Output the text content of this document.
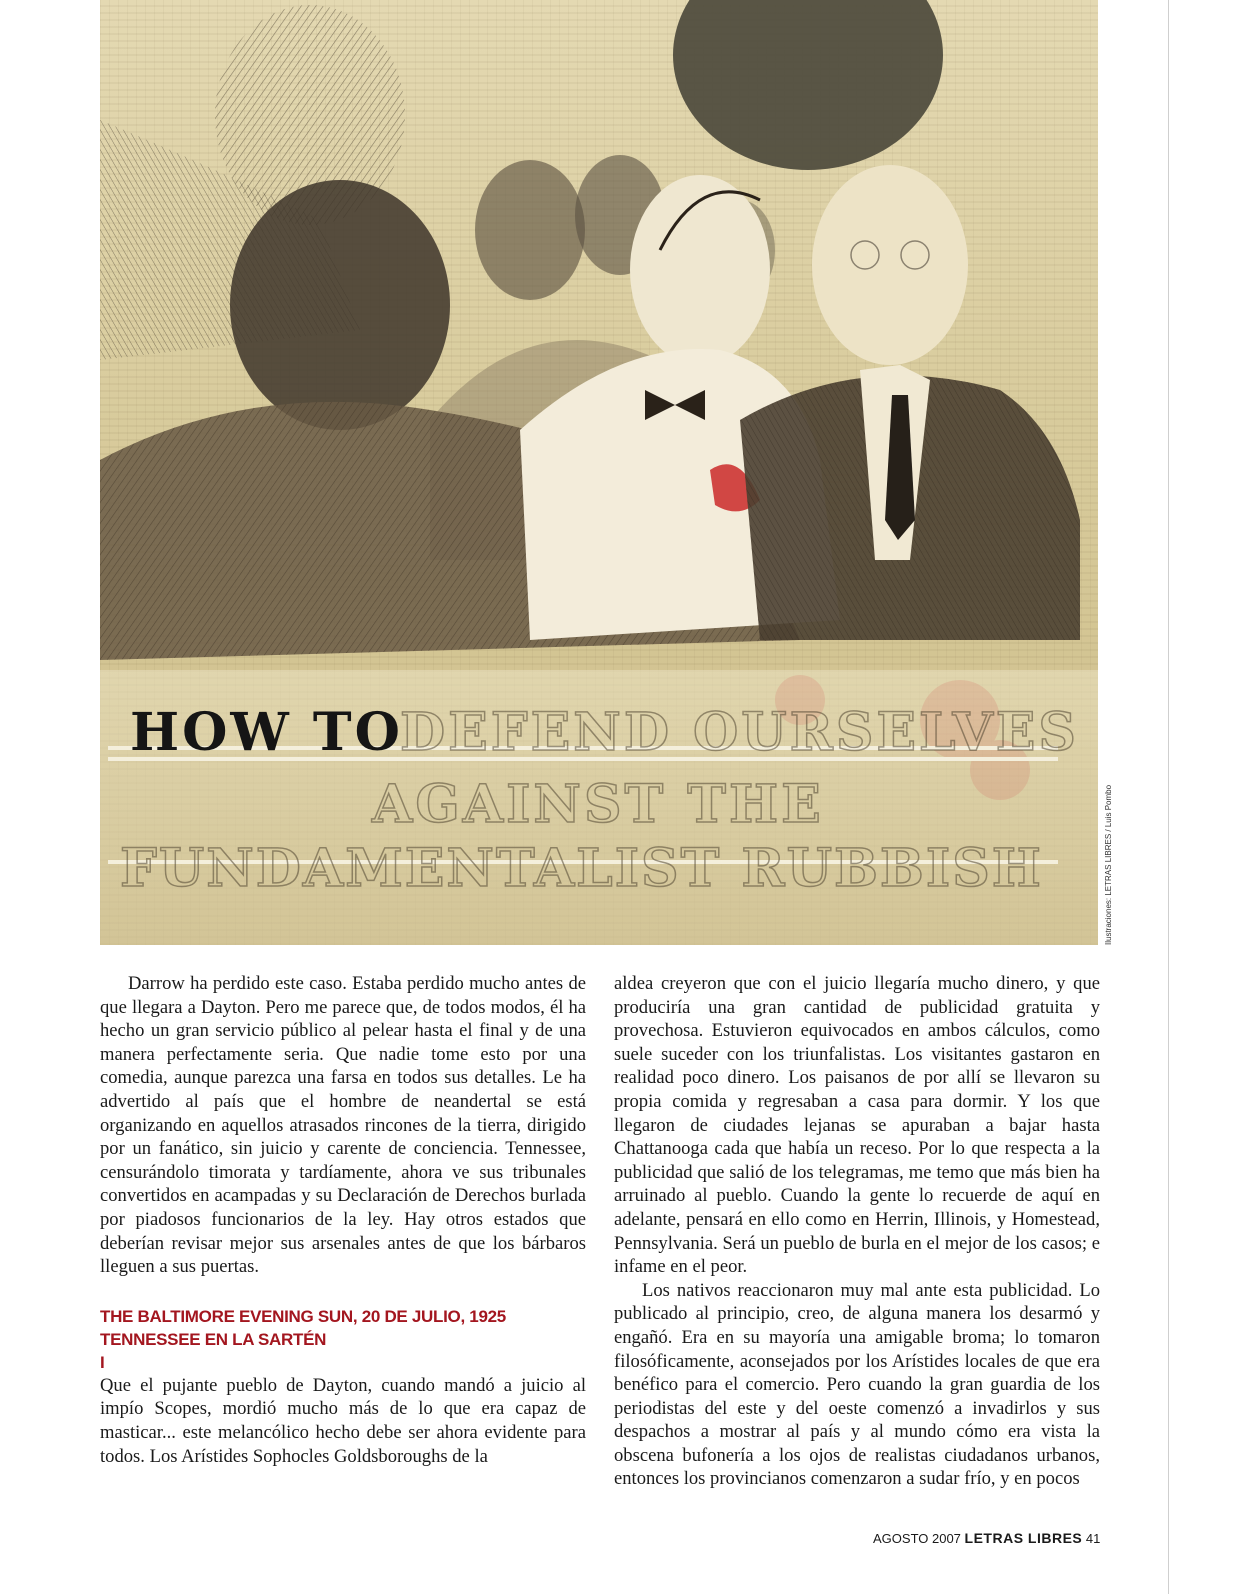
HOW TO
DEFEND OURSELVES
AGAINST THE
FUNDAMENTALIST RUBBISH	Ilustraciones: LETRAS LIBRES / Luis Pombo

Darrow ha perdido este caso. Estaba perdido mucho antes de que llegara a Dayton. Pero me parece que, de todos modos, él ha hecho un gran servicio público al pelear hasta el final y de una manera perfectamente seria. Que nadie tome esto por una comedia, aunque parezca una farsa en todos sus detalles. Le ha advertido al país que el hombre de neandertal se está organizando en aquellos atrasados rincones de la tierra, dirigido por un fanático, sin juicio y carente de conciencia. Tennessee, censurándolo timorata y tardíamente, ahora ve sus tribunales convertidos en acampadas y su Declaración de Derechos burlada por piadosos funcionarios de la ley. Hay otros estados que deberían revisar mejor sus arsenales antes de que los bárbaros lleguen a sus puertas.

THE BALTIMORE EVENING SUN, 20 DE JULIO, 1925
TENNESSEE EN LA SARTÉN
I

Que el pujante pueblo de Dayton, cuando mandó a juicio al impío Scopes, mordió mucho más de lo que era capaz de masticar... este melancólico hecho debe ser ahora evidente para todos. Los Arístides Sophocles Goldsboroughs de la

aldea creyeron que con el juicio llegaría mucho dinero, y que produciría una gran cantidad de publicidad gratuita y provechosa. Estuvieron equivocados en ambos cálculos, como suele suceder con los triunfalistas. Los visitantes gastaron en realidad poco dinero. Los paisanos de por allí se llevaron su propia comida y regresaban a casa para dormir. Y los que llegaron de ciudades lejanas se apuraban a bajar hasta Chattanooga cada que había un receso. Por lo que respecta a la publicidad que salió de los telegramas, me temo que más bien ha arruinado al pueblo. Cuando la gente lo recuerde de aquí en adelante, pensará en ello como en Herrin, Illinois, y Homestead, Pennsylvania. Será un pueblo de burla en el mejor de los casos; e infame en el peor.

Los nativos reaccionaron muy mal ante esta publicidad. Lo publicado al principio, creo, de alguna manera los desarmó y engañó. Era en su mayoría una amigable broma; lo tomaron filosóficamente, aconsejados por los Arístides locales de que era benéfico para el comercio. Pero cuando la gran guardia de los periodistas del este y del oeste comenzó a invadirlos y sus despachos a mostrar al país y al mundo cómo era vista la obscena bufonería a los ojos de realistas ciudadanos urbanos, entonces los provincianos comenzaron a sudar frío, y en pocos

AGOSTO 2007 LETRAS LIBRES 41
